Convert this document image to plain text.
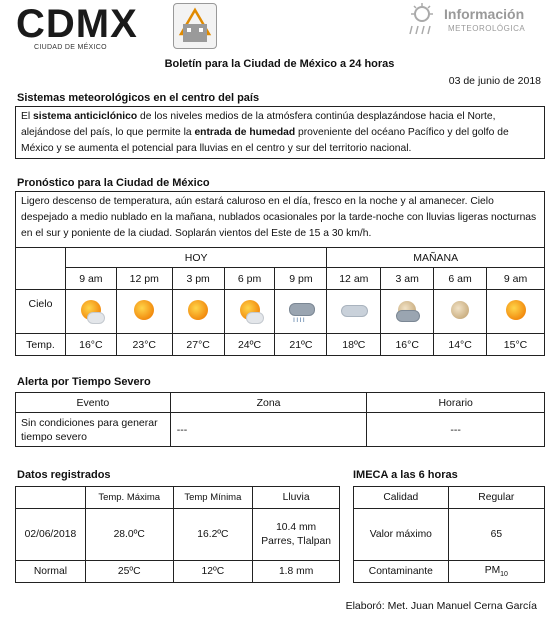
CDMX
CIUDAD DE MÉXICO
Información
METEOROLÓGICA
Boletín para la Ciudad de México a 24 horas
03 de junio de 2018
Sistemas meteorológicos en el centro del país
El sistema anticiclónico de los niveles medios de la atmósfera continúa desplazándose hacia el Norte, alejándose del país, lo que permite la entrada de humedad proveniente del océano Pacífico y del golfo de México y se aumenta el potencial para lluvias en el centro y sur del territorio nacional.
Pronóstico para la Ciudad de México
Ligero descenso de temperatura, aún estará caluroso en el día, fresco en la noche y al amanecer. Cielo despejado a medio nublado en la mañana, nublados ocasionales por la tarde-noche con lluvias ligeras nocturnas en el sur y poniente de la ciudad. Soplarán vientos del Este de 15 a 30 km/h.
	HOY					MAÑANA			
	9 am	12 pm	3 pm	6 pm	9 pm	12 am	3 am	6 am	9 am
Cielo					ıııı				

Temp.	16°C	23°C	27°C	24ºC	21ºC	18ºC	16°C	14°C	15°C
Alerta por Tiempo Severo
Evento	Zona	Horario
Sin condiciones para generar tiempo severo	---	---
Datos registrados
	Temp. Máxima	Temp Mínima	Lluvia
02/06/2018	28.0ºC	16.2ºC	10.4 mm Parres, Tlalpan
Normal	25ºC	12ºC	1.8 mm
IMECA a las 6 horas
Calidad	Regular
Valor máximo	65
Contaminante	$PM_{10}$
Elaboró: Met. Juan Manuel Cerna García
